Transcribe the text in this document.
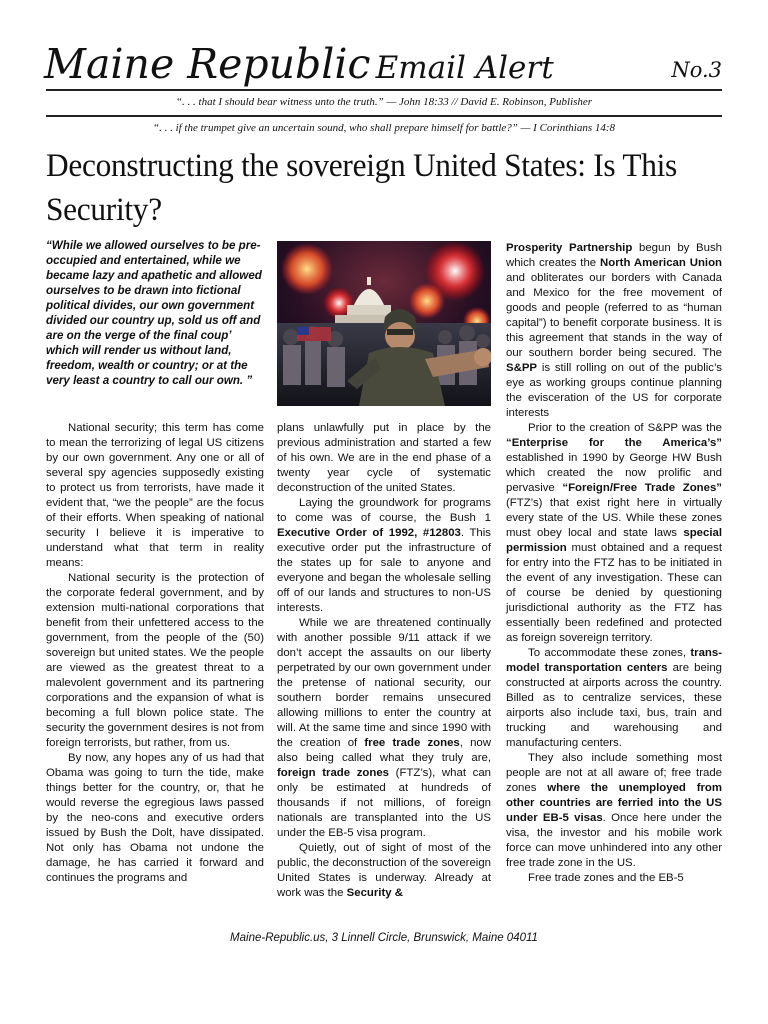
Maine Republic Email Alert	No.3
“. . . that I should bear witness unto the truth.” — John 18:33 // David E. Robinson, Publisher
“. . . if the trumpet give an uncertain sound, who shall prepare himself for battle?” — I Corinthians 14:8
Deconstructing the sovereign United States: Is This Security?
“While we allowed ourselves to be pre-occupied and entertained, while we became lazy and apathetic and allowed ourselves to be drawn into fictional political divides, our own government divided our country up, sold us off and are on the verge of the final coup’ which will render us without land, freedom, wealth or country; or at the very least a country to call our own. ”

National security; this term has come to mean the terrorizing of legal US citizens by our own government. Any one or all of several spy agencies supposedly existing to protect us from terrorists, have made it evident that, “we the people” are the focus of their efforts. When speaking of national security I believe it is imperative to understand what that term in reality means:

National security is the protection of the corporate federal government, and by extension multi-national corporations that benefit from their unfettered access to the government, from the people of the (50) sovereign but united states. We the people are viewed as the greatest threat to a malevolent government and its partnering corporations and the expansion of what is becoming a full blown police state. The security the government desires is not from foreign terrorists, but rather, from us.

By now, any hopes any of us had that Obama was going to turn the tide, make things better for the country, or, that he would reverse the egregious laws passed by the neo-cons and executive orders issued by Bush the Dolt, have dissipated. Not only has Obama not undone the damage, he has carried it forward and continues the programs and

plans unlawfully put in place by the previous administration and started a few of his own. We are in the end phase of a twenty year cycle of systematic deconstruction of the united States.

Laying the groundwork for programs to come was of course, the Bush 1 Executive Order of 1992, #12803. This executive order put the infrastructure of the states up for sale to anyone and everyone and began the wholesale selling off of our lands and structures to non-US interests.

While we are threatened continually with another possible 9/11 attack if we don’t accept the assaults on our liberty perpetrated by our own government under the pretense of national security, our southern border remains unsecured allowing millions to enter the country at will. At the same time and since 1990 with the creation of free trade zones, now also being called what they truly are, foreign trade zones (FTZ’s), what can only be estimated at hundreds of thousands if not millions, of foreign nationals are transplanted into the US under the EB-5 visa program.

Quietly, out of sight of most of the public, the deconstruction of the sovereign United States is underway. Already at work was the Security &

Prosperity Partnership begun by Bush which creates the North American Union and obliterates our borders with Canada and Mexico for the free movement of goods and people (referred to as “human capital”) to benefit corporate business. It is this agreement that stands in the way of our southern border being secured. The S&PP is still rolling on out of the public’s eye as working groups continue planning the evisceration of the US for corporate interests

Prior to the creation of S&PP was the “Enterprise for the America’s” established in 1990 by George HW Bush which created the now prolific and pervasive “Foreign/Free Trade Zones” (FTZ’s) that exist right here in virtually every state of the US. While these zones must obey local and state laws special permission must obtained and a request for entry into the FTZ has to be initiated in the event of any investigation. These can of course be denied by questioning jurisdictional authority as the FTZ has essentially been redefined and protected as foreign sovereign territory.

To accommodate these zones, trans-model transportation centers are being constructed at airports across the country. Billed as to centralize services, these airports also include taxi, bus, train and trucking and warehousing and manufacturing centers.

They also include something most people are not at all aware of; free trade zones where the unemployed from other countries are ferried into the US under EB-5 visas. Once here under the visa, the investor and his mobile work force can move unhindered into any other free trade zone in the US.

Free trade zones and the EB-5

Maine-Republic.us, 3 Linnell Circle, Brunswick, Maine 04011
